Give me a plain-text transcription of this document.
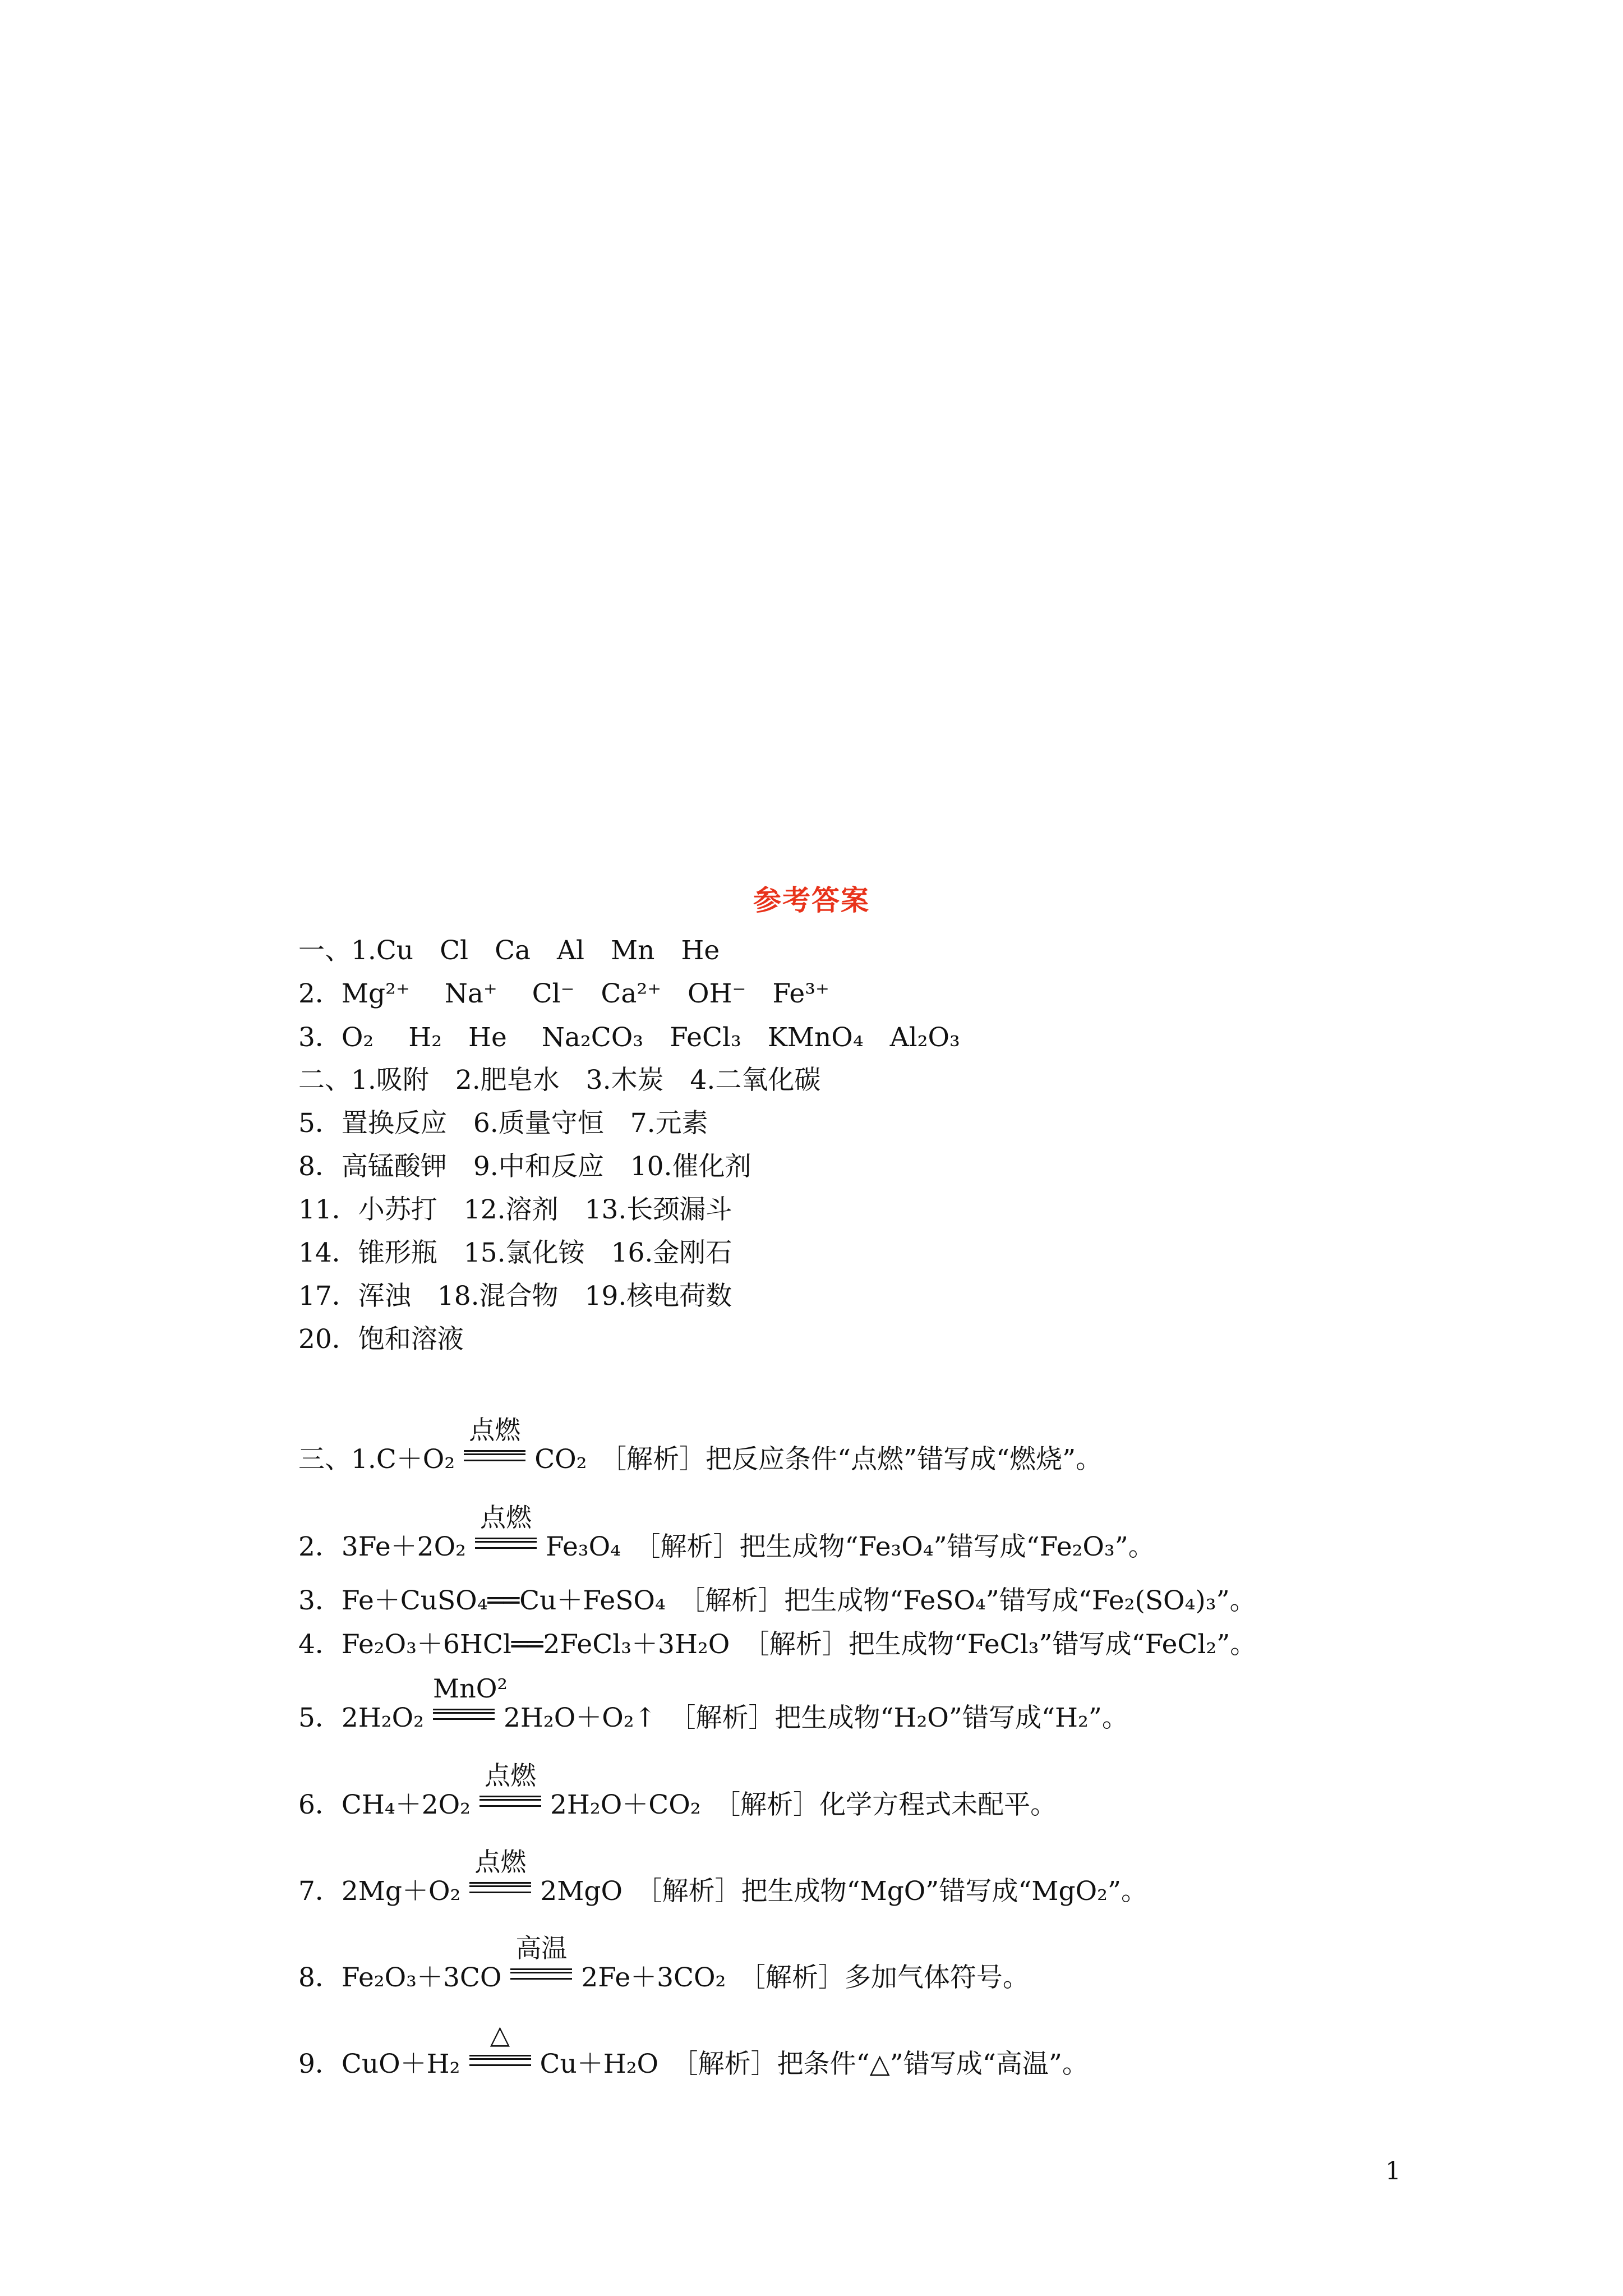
参考答案
一、1.Cu　Cl　Ca　Al　Mn　He
2．Mg²⁺　 Na⁺　 Cl⁻　Ca²⁺　OH⁻　Fe³⁺
3．O₂　 H₂　He　 Na₂CO₃　FeCl₃　KMnO₄　Al₂O₃
二、1.吸附　2.肥皂水　3.木炭　4.二氧化碳
5．置换反应　6.质量守恒　7.元素
8．高锰酸钾　9.中和反应　10.催化剂
11．小苏打　12.溶剂　13.长颈漏斗
14．锥形瓶　15.氯化铵　16.金刚石
17．浑浊　18.混合物　19.核电荷数
20．饱和溶液
三、1.C＋O₂
点燃
CO₂　［解析］把反应条件“点燃”错写成“燃烧”。
2．3Fe＋2O₂
点燃
Fe₃O₄　［解析］把生成物“Fe₃O₄”错写成“Fe₂O₃”。
3．Fe＋CuSO₄══Cu＋FeSO₄　［解析］把生成物“FeSO₄”错写成“Fe₂(SO₄)₃”。
4．Fe₂O₃＋6HCl══2FeCl₃＋3H₂O　［解析］把生成物“FeCl₃”错写成“FeCl₂”。
5．2H₂O₂
MnO²
2H₂O＋O₂↑　［解析］把生成物“H₂O”错写成“H₂”。
6．CH₄＋2O₂
点燃
2H₂O＋CO₂　［解析］化学方程式未配平。
7．2Mg＋O₂
点燃
2MgO　［解析］把生成物“MgO”错写成“MgO₂”。
8．Fe₂O₃＋3CO
高温
2Fe＋3CO₂　［解析］多加气体符号。
9．CuO＋H₂
△
Cu＋H₂O　［解析］把条件“△”错写成“高温”。
1
